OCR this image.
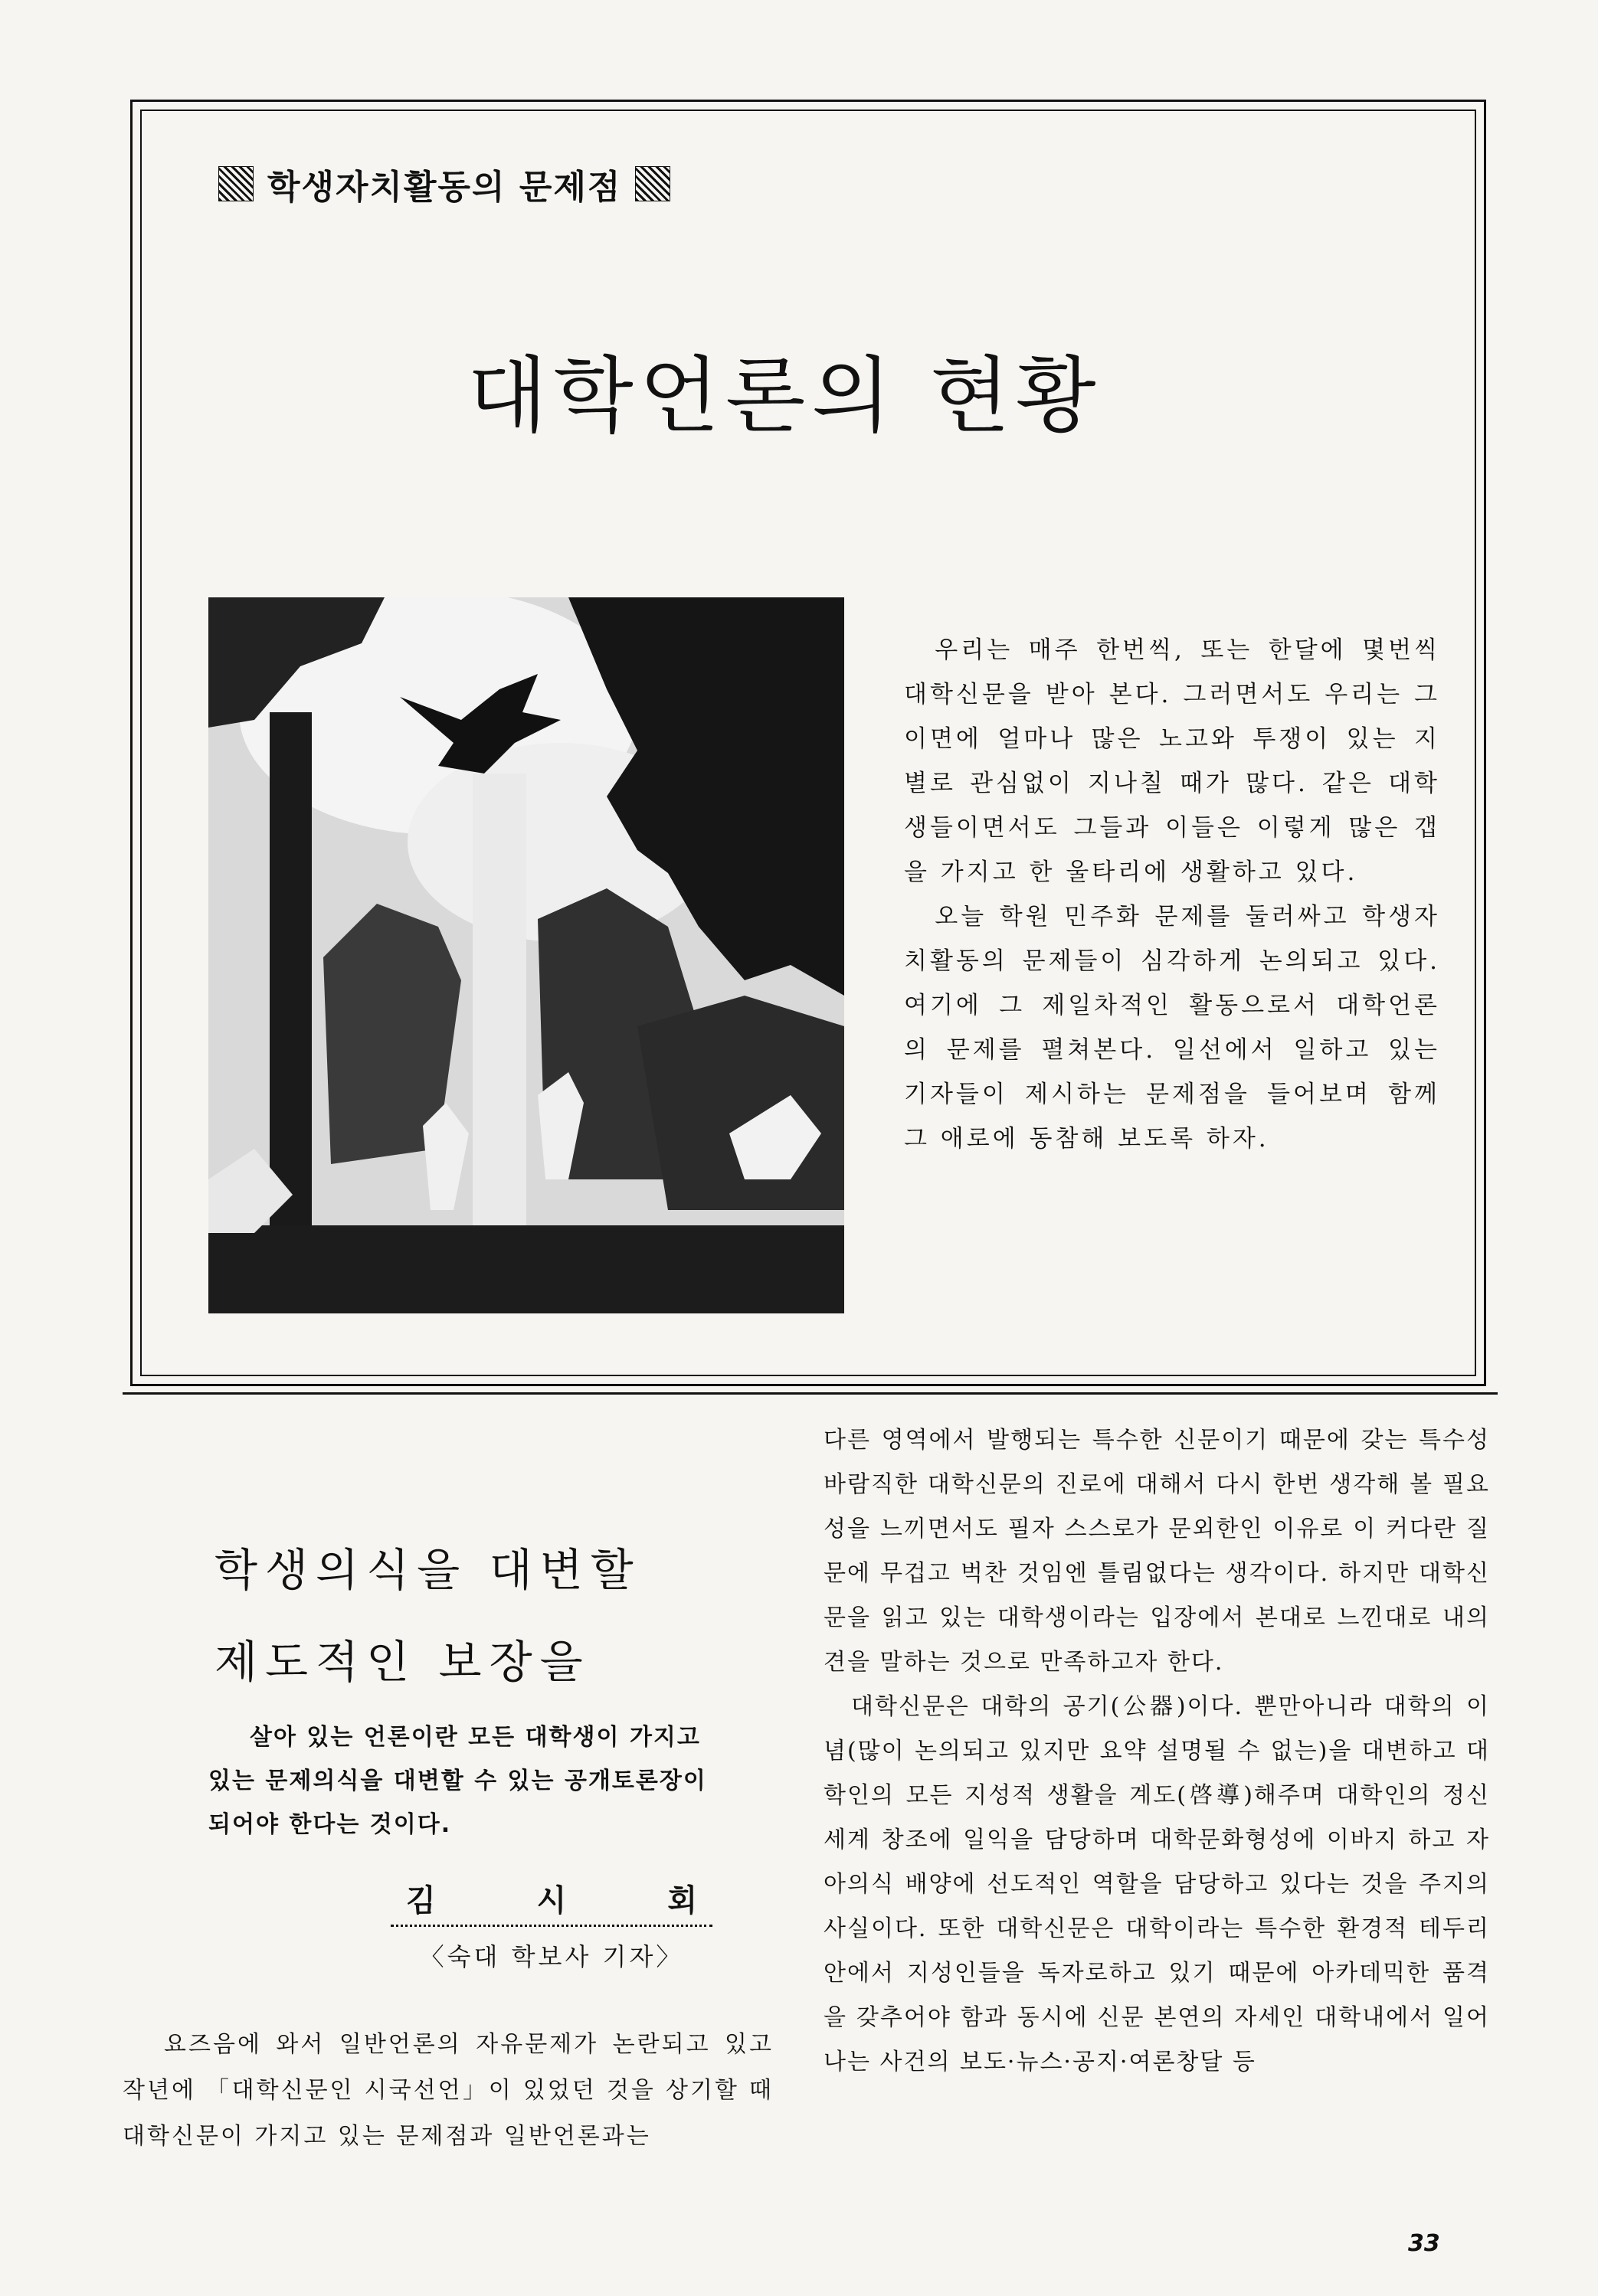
학생자치활동의 문제점
대학언론의 현황

우리는 매주 한번씩, 또는 한달에 몇번씩 대학신문을 받아 본다. 그러면서도 우리는 그 이면에 얼마나 많은 노고와 투쟁이 있는 지 별로 관심없이 지나칠 때가 많다. 같은 대학생들이면서도 그들과 이들은 이렇게 많은 갭을 가지고 한 울타리에 생활하고 있다.

오늘 학원 민주화 문제를 둘러싸고 학생자치활동의 문제들이 심각하게 논의되고 있다. 여기에 그 제일차적인 활동으로서 대학언론의 문제를 펼쳐본다. 일선에서 일하고 있는 기자들이 제시하는 문제점을 들어보며 함께 그 애로에 동참해 보도록 하자.

학생의식을 대변할
제도적인 보장을

살아 있는 언론이란 모든 대학생이 가지고 있는 문제의식을 대변할 수 있는 공개토론장이 되어야 한다는 것이다.

김	시	회
〈숙대 학보사 기자〉

요즈음에 와서 일반언론의 자유문제가 논란되고 있고 작년에 「대학신문인 시국선언」이 있었던 것을 상기할 때 대학신문이 가지고 있는 문제점과 일반언론과는

다른 영역에서 발행되는 특수한 신문이기 때문에 갖는 특수성 바람직한 대학신문의 진로에 대해서 다시 한번 생각해 볼 필요성을 느끼면서도 필자 스스로가 문외한인 이유로 이 커다란 질문에 무겁고 벅찬 것임엔 틀림없다는 생각이다. 하지만 대학신문을 읽고 있는 대학생이라는 입장에서 본대로 느낀대로 내의견을 말하는 것으로 만족하고자 한다.

대학신문은 대학의 공기(公器)이다. 뿐만아니라 대학의 이념(많이 논의되고 있지만 요약 설명될 수 없는)을 대변하고 대학인의 모든 지성적 생활을 계도(啓導)해주며 대학인의 정신세계 창조에 일익을 담당하며 대학문화형성에 이바지 하고 자아의식 배양에 선도적인 역할을 담당하고 있다는 것을 주지의 사실이다. 또한 대학신문은 대학이라는 특수한 환경적 테두리 안에서 지성인들을 독자로하고 있기 때문에 아카데믹한 품격을 갖추어야 함과 동시에 신문 본연의 자세인 대학내에서 일어나는 사건의 보도·뉴스·공지·여론창달 등

33
